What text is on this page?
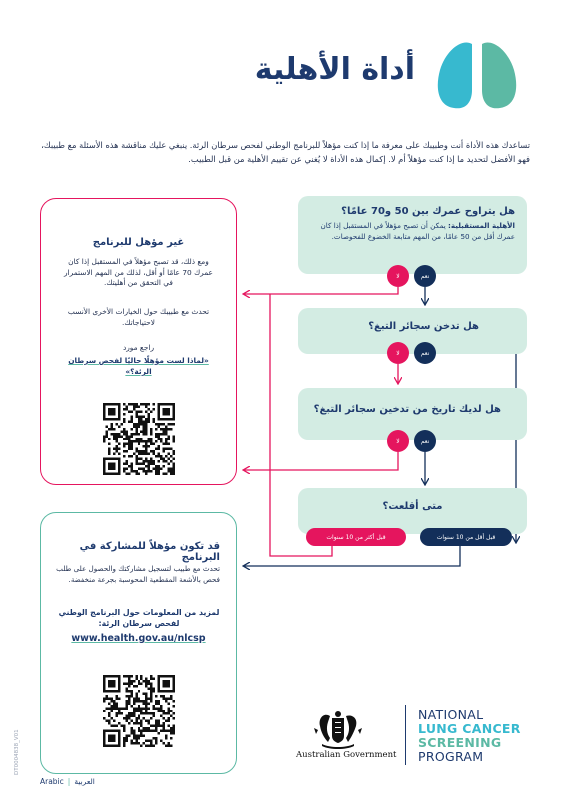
أداة الأهلية
تساعدك هذه الأداة أنت وطبيبك على معرفة ما إذا كنت مؤهلاً للبرنامج الوطني لفحص سرطان الرئة. ينبغي عليك مناقشة هذه الأسئلة مع طبيبك، فهو الأفضل لتحديد ما إذا كنت مؤهلاً أم لا. إكمال هذه الأداة لا يُغني عن تقييم الأهلية من قبل الطبيب.
هل يتراوح عمرك بين 50 و70 عامًا؟
الأهلية المستقبلية: يمكن أن تصبح مؤهلاً في المستقبل إذا كان عمرك أقل من 50 عامًا، من المهم متابعة الخضوع للفحوصات.
لا	نعم
هل تدخن سجائر التبغ؟
لا	نعم
هل لديك تاريخ من تدخين سجائر التبغ؟
لا	نعم
متى أقلعت؟
قبل أقل من 10 سنوات
قبل أكثر من 10 سنوات
غير مؤهل للبرنامج
ومع ذلك، قد تصبح مؤهلاً في المستقبل إذا كان عمرك 70 عامًا أو أقل، لذلك من المهم الاستمرار في التحقق من أهليتك.
تحدث مع طبيبك حول الخيارات الأخرى الأنسب لاحتياجاتك.
راجع مورد
«لماذا لست مؤهلًا حاليًا لفحص سرطان الرئة؟»
قد تكون مؤهلاً للمشاركة في البرنامج
تحدث مع طبيب لتسجيل مشاركتك والحصول على طلب فحص بالأشعة المقطعية المحوسبة بجرعة منخفضة.
لمزيد من المعلومات حول البرنامج الوطني لفحص سرطان الرئة:
www.health.gov.au/nlcsp
Australian Government
NATIONAL
LUNG CANCER
SCREENING
PROGRAM
DT0004838_V01
Arabic | العربية
